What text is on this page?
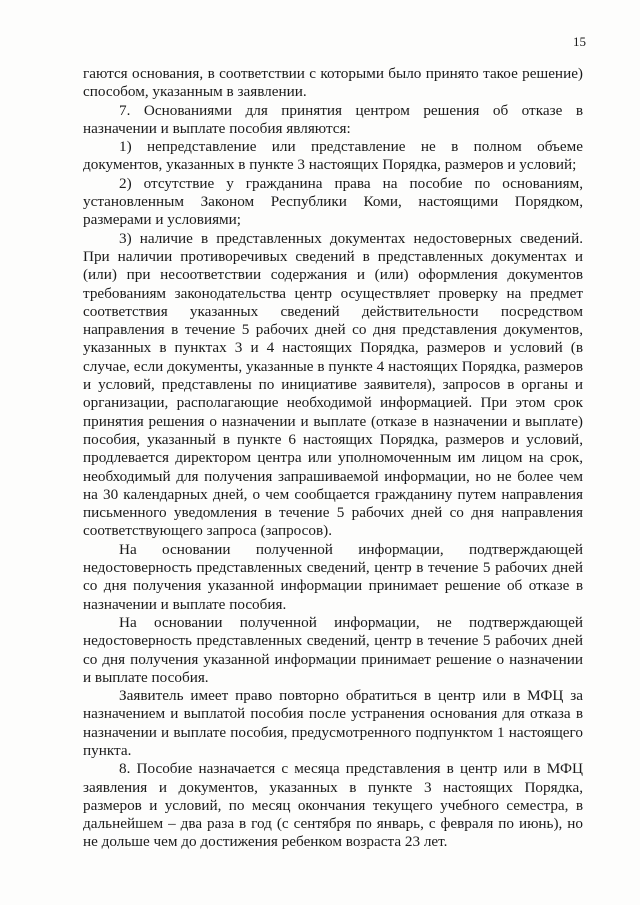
15

гаются основания, в соответствии с которыми было принято такое решение) способом, указанным в заявлении.

7. Основаниями для принятия центром решения об отказе в назначении и выплате пособия являются:

1) непредставление или представление не в полном объеме документов, указанных в пункте 3 настоящих Порядка, размеров и условий;

2) отсутствие у гражданина права на пособие по основаниям, установленным Законом Республики Коми, настоящими Порядком, размерами и условиями;

3) наличие в представленных документах недостоверных сведений. При наличии противоречивых сведений в представленных документах и (или) при несоответствии содержания и (или) оформления документов требованиям законодательства центр осуществляет проверку на предмет соответствия указанных сведений действительности посредством направления в течение 5 рабочих дней со дня представления документов, указанных в пунктах 3 и 4 настоящих Порядка, размеров и условий (в случае, если документы, указанные в пункте 4 настоящих Порядка, размеров и условий, представлены по инициативе заявителя), запросов в органы и организации, располагающие необходимой информацией. При этом срок принятия решения о назначении и выплате (отказе в назначении и выплате) пособия, указанный в пункте 6 настоящих Порядка, размеров и условий, продлевается директором центра или уполномоченным им лицом на срок, необходимый для получения запрашиваемой информации, но не более чем на 30 календарных дней, о чем сообщается гражданину путем направления письменного уведомления в течение 5 рабочих дней со дня направления соответствующего запроса (запросов).

На основании полученной информации, подтверждающей недостоверность представленных сведений, центр в течение 5 рабочих дней со дня получения указанной информации принимает решение об отказе в назначении и выплате пособия.

На основании полученной информации, не подтверждающей недостоверность представленных сведений, центр в течение 5 рабочих дней со дня получения указанной информации принимает решение о назначении и выплате пособия.

Заявитель имеет право повторно обратиться в центр или в МФЦ за назначением и выплатой пособия после устранения основания для отказа в назначении и выплате пособия, предусмотренного подпунктом 1 настоящего пункта.

8. Пособие назначается с месяца представления в центр или в МФЦ заявления и документов, указанных в пункте 3 настоящих Порядка, размеров и условий, по месяц окончания текущего учебного семестра, в дальнейшем – два раза в год (с сентября по январь, с февраля по июнь), но не дольше чем до достижения ребенком возраста 23 лет.
